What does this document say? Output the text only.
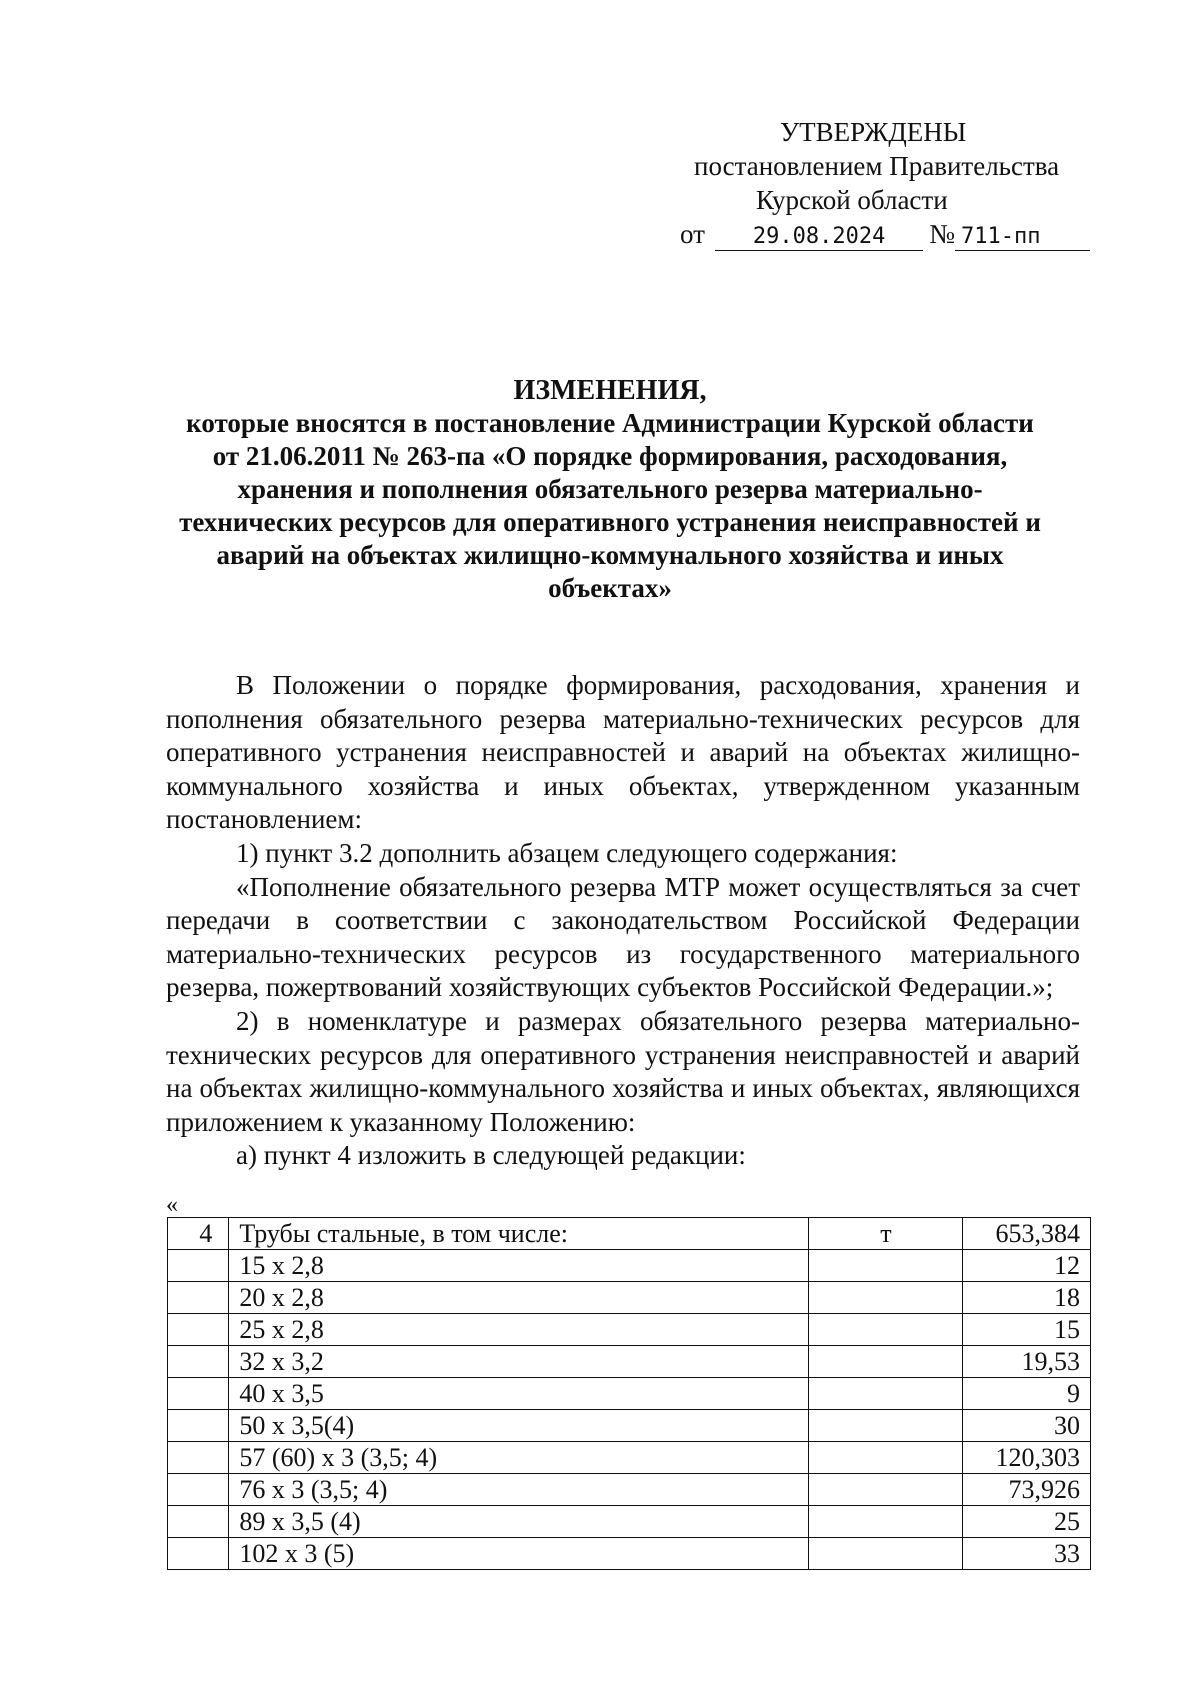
УТВЕРЖДЕНЫ
постановлением Правительства
Курской области
от	29.08.2024	№ 711-пп
ИЗМЕНЕНИЯ,
которые вносятся в постановление Администрации Курской области
от 21.06.2011 № 263-па «О порядке формирования, расходования,
хранения и пополнения обязательного резерва материально-
технических ресурсов для оперативного устранения неисправностей и
аварий на объектах жилищно-коммунального хозяйства и иных
объектах»

В Положении о порядке формирования, расходования, хранения и пополнения обязательного резерва материально-технических ресурсов для оперативного устранения неисправностей и аварий на объектах жилищно-коммунального хозяйства и иных объектах, утвержденном указанным постановлением:

1) пункт 3.2 дополнить абзацем следующего содержания:

«Пополнение обязательного резерва МТР может осуществляться за счет передачи в соответствии с законодательством Российской Федерации материально-технических ресурсов из государственного материального резерва, пожертвований хозяйствующих субъектов Российской Федерации.»;

2) в номенклатуре и размерах обязательного резерва материально-технических ресурсов для оперативного устранения неисправностей и аварий на объектах жилищно-коммунального хозяйства и иных объектах, являющихся приложением к указанному Положению:

а) пункт 4 изложить в следующей редакции:

«
4	Трубы стальные, в том числе:	т	653,384
	15 х 2,8		12
	20 х 2,8		18
	25 х 2,8		15
	32 х 3,2		19,53
	40 х 3,5		9
	50 х 3,5(4)		30
	57 (60) х 3 (3,5; 4)		120,303
	76 х 3 (3,5; 4)		73,926
	89 х 3,5 (4)		25
	102 х 3 (5)		33
